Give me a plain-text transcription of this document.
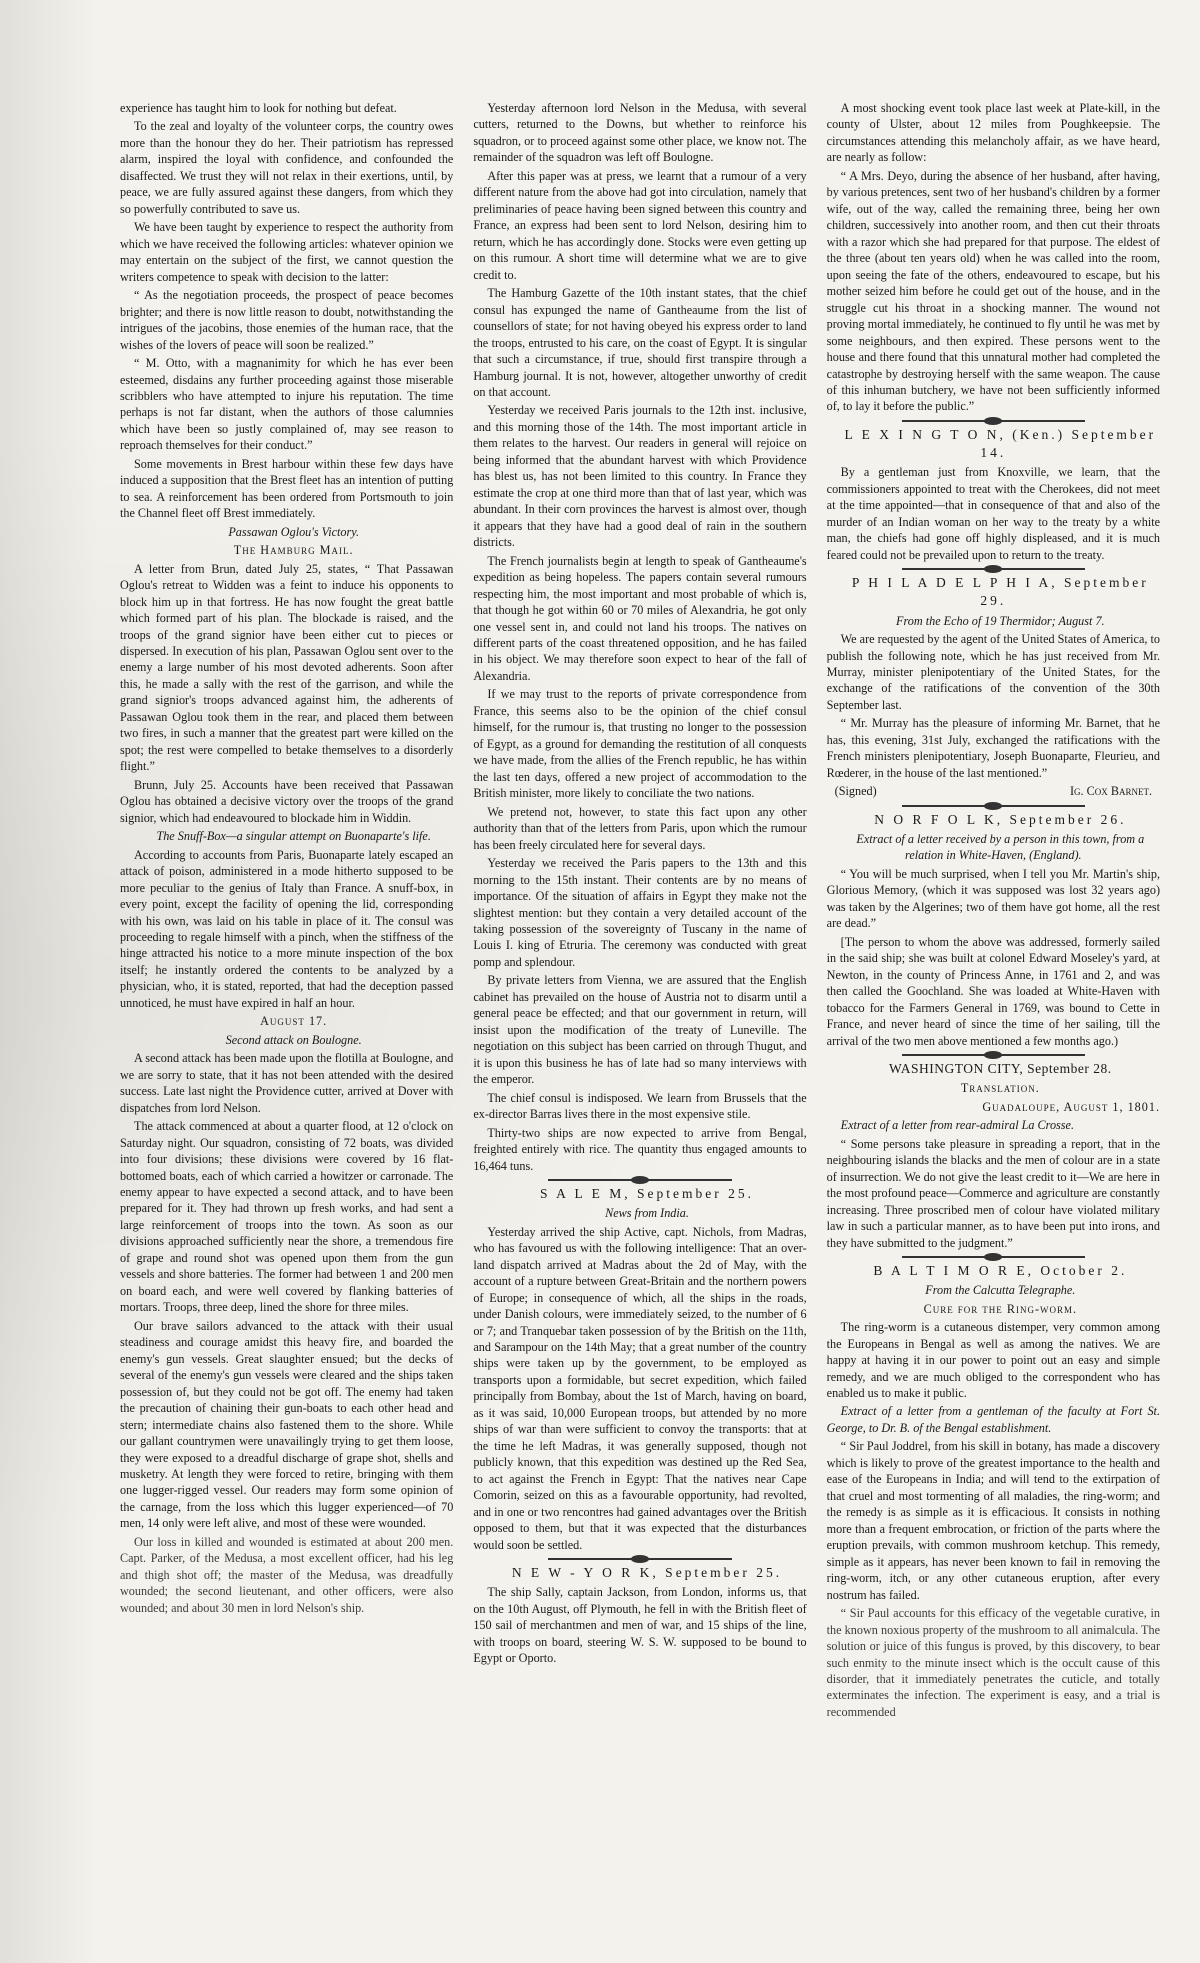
experience has taught him to look for nothing but defeat.

To the zeal and loyalty of the volunteer corps, the country owes more than the honour they do her. Their patriotism has repressed alarm, inspired the loyal with confidence, and confounded the disaffected. We trust they will not relax in their exertions, until, by peace, we are fully assured against these dangers, from which they so powerfully contributed to save us.

We have been taught by experience to respect the authority from which we have received the following articles: whatever opinion we may entertain on the subject of the first, we cannot question the writers competence to speak with decision to the latter:

“ As the negotiation proceeds, the prospect of peace becomes brighter; and there is now little reason to doubt, notwithstanding the intrigues of the jacobins, those enemies of the human race, that the wishes of the lovers of peace will soon be realized.”

“ M. Otto, with a magnanimity for which he has ever been esteemed, disdains any further proceeding against those miserable scribblers who have attempted to injure his reputation. The time perhaps is not far distant, when the authors of those calumnies which have been so justly complained of, may see reason to reproach themselves for their conduct.”

Some movements in Brest harbour within these few days have induced a supposition that the Brest fleet has an intention of putting to sea. A reinforcement has been ordered from Portsmouth to join the Channel fleet off Brest immediately.

Passawan Oglou's Victory.

The Hamburg Mail.

A letter from Brun, dated July 25, states, “ That Passawan Oglou's retreat to Widden was a feint to induce his opponents to block him up in that fortress. He has now fought the great battle which formed part of his plan. The blockade is raised, and the troops of the grand signior have been either cut to pieces or dispersed. In execution of his plan, Passawan Oglou sent over to the enemy a large number of his most devoted adherents. Soon after this, he made a sally with the rest of the garrison, and while the grand signior's troops advanced against him, the adherents of Passawan Oglou took them in the rear, and placed them between two fires, in such a manner that the greatest part were killed on the spot; the rest were compelled to betake themselves to a disorderly flight.”

Brunn, July 25. Accounts have been received that Passawan Oglou has obtained a decisive victory over the troops of the grand signior, which had endeavoured to blockade him in Widdin.

The Snuff-Box—a singular attempt on Buonaparte's life.

According to accounts from Paris, Buonaparte lately escaped an attack of poison, administered in a mode hitherto supposed to be more peculiar to the genius of Italy than France. A snuff-box, in every point, except the facility of opening the lid, corresponding with his own, was laid on his table in place of it. The consul was proceeding to regale himself with a pinch, when the stiffness of the hinge attracted his notice to a more minute inspection of the box itself; he instantly ordered the contents to be analyzed by a physician, who, it is stated, reported, that had the deception passed unnoticed, he must have expired in half an hour.

August 17.

Second attack on Boulogne.

A second attack has been made upon the flotilla at Boulogne, and we are sorry to state, that it has not been attended with the desired success. Late last night the Providence cutter, arrived at Dover with dispatches from lord Nelson.

The attack commenced at about a quarter flood, at 12 o'clock on Saturday night. Our squadron, consisting of 72 boats, was divided into four divisions; these divisions were covered by 16 flat-bottomed boats, each of which carried a howitzer or carronade. The enemy appear to have expected a second attack, and to have been prepared for it. They had thrown up fresh works, and had sent a large reinforcement of troops into the town. As soon as our divisions approached sufficiently near the shore, a tremendous fire of grape and round shot was opened upon them from the gun vessels and shore batteries. The former had between 1 and 200 men on board each, and were well covered by flanking batteries of mortars. Troops, three deep, lined the shore for three miles.

Our brave sailors advanced to the attack with their usual steadiness and courage amidst this heavy fire, and boarded the enemy's gun vessels. Great slaughter ensued; but the decks of several of the enemy's gun vessels were cleared and the ships taken possession of, but they could not be got off. The enemy had taken the precaution of chaining their gun-boats to each other head and stern; intermediate chains also fastened them to the shore. While our gallant countrymen were unavailingly trying to get them loose, they were exposed to a dreadful discharge of grape shot, shells and musketry. At length they were forced to retire, bringing with them one lugger-rigged vessel. Our readers may form some opinion of the carnage, from the loss which this lugger experienced—of 70 men, 14 only were left alive, and most of these were wounded.

Our loss in killed and wounded is estimated at about 200 men. Capt. Parker, of the Medusa, a most excellent officer, had his leg and thigh shot off; the master of the Medusa, was dreadfully wounded; the second lieutenant, and other officers, were also wounded; and about 30 men in lord Nelson's ship.

Yesterday afternoon lord Nelson in the Medusa, with several cutters, returned to the Downs, but whether to reinforce his squadron, or to proceed against some other place, we know not. The remainder of the squadron was left off Boulogne.

After this paper was at press, we learnt that a rumour of a very different nature from the above had got into circulation, namely that preliminaries of peace having been signed between this country and France, an express had been sent to lord Nelson, desiring him to return, which he has accordingly done. Stocks were even getting up on this rumour. A short time will determine what we are to give credit to.

The Hamburg Gazette of the 10th instant states, that the chief consul has expunged the name of Gantheaume from the list of counsellors of state; for not having obeyed his express order to land the troops, entrusted to his care, on the coast of Egypt. It is singular that such a circumstance, if true, should first transpire through a Hamburg journal. It is not, however, altogether unworthy of credit on that account.

Yesterday we received Paris journals to the 12th inst. inclusive, and this morning those of the 14th. The most important article in them relates to the harvest. Our readers in general will rejoice on being informed that the abundant harvest with which Providence has blest us, has not been limited to this country. In France they estimate the crop at one third more than that of last year, which was abundant. In their corn provinces the harvest is almost over, though it appears that they have had a good deal of rain in the southern districts.

The French journalists begin at length to speak of Gantheaume's expedition as being hopeless. The papers contain several rumours respecting him, the most important and most probable of which is, that though he got within 60 or 70 miles of Alexandria, he got only one vessel sent in, and could not land his troops. The natives on different parts of the coast threatened opposition, and he has failed in his object. We may therefore soon expect to hear of the fall of Alexandria.

If we may trust to the reports of private correspondence from France, this seems also to be the opinion of the chief consul himself, for the rumour is, that trusting no longer to the possession of Egypt, as a ground for demanding the restitution of all conquests we have made, from the allies of the French republic, he has within the last ten days, offered a new project of accommodation to the British minister, more likely to conciliate the two nations.

We pretend not, however, to state this fact upon any other authority than that of the letters from Paris, upon which the rumour has been freely circulated here for several days.

Yesterday we received the Paris papers to the 13th and this morning to the 15th instant. Their contents are by no means of importance. Of the situation of affairs in Egypt they make not the slightest mention: but they contain a very detailed account of the taking possession of the sovereignty of Tuscany in the name of Louis I. king of Etruria. The ceremony was conducted with great pomp and splendour.

By private letters from Vienna, we are assured that the English cabinet has prevailed on the house of Austria not to disarm until a general peace be effected; and that our government in return, will insist upon the modification of the treaty of Luneville. The negotiation on this subject has been carried on through Thugut, and it is upon this business he has of late had so many interviews with the emperor.

The chief consul is indisposed. We learn from Brussels that the ex-director Barras lives there in the most expensive stile.

Thirty-two ships are now expected to arrive from Bengal, freighted entirely with rice. The quantity thus engaged amounts to 16,464 tuns.

S A L E M, September 25.

News from India.

Yesterday arrived the ship Active, capt. Nichols, from Madras, who has favoured us with the following intelligence: That an over-land dispatch arrived at Madras about the 2d of May, with the account of a rupture between Great-Britain and the northern powers of Europe; in consequence of which, all the ships in the roads, under Danish colours, were immediately seized, to the number of 6 or 7; and Tranquebar taken possession of by the British on the 11th, and Sarampour on the 14th May; that a great number of the country ships were taken up by the government, to be employed as transports upon a formidable, but secret expedition, which failed principally from Bombay, about the 1st of March, having on board, as it was said, 10,000 European troops, but attended by no more ships of war than were sufficient to convoy the transports: that at the time he left Madras, it was generally supposed, though not publicly known, that this expedition was destined up the Red Sea, to act against the French in Egypt: That the natives near Cape Comorin, seized on this as a favourable opportunity, had revolted, and in one or two rencontres had gained advantages over the British opposed to them, but that it was expected that the disturbances would soon be settled.

N E W - Y O R K, September 25.

The ship Sally, captain Jackson, from London, informs us, that on the 10th August, off Plymouth, he fell in with the British fleet of 150 sail of merchantmen and men of war, and 15 ships of the line, with troops on board, steering W. S. W. supposed to be bound to Egypt or Oporto.

A most shocking event took place last week at Plate-kill, in the county of Ulster, about 12 miles from Poughkeepsie. The circumstances attending this melancholy affair, as we have heard, are nearly as follow:

“ A Mrs. Deyo, during the absence of her husband, after having, by various pretences, sent two of her husband's children by a former wife, out of the way, called the remaining three, being her own children, successively into another room, and then cut their throats with a razor which she had prepared for that purpose. The eldest of the three (about ten years old) when he was called into the room, upon seeing the fate of the others, endeavoured to escape, but his mother seized him before he could get out of the house, and in the struggle cut his throat in a shocking manner. The wound not proving mortal immediately, he continued to fly until he was met by some neighbours, and then expired. These persons went to the house and there found that this unnatural mother had completed the catastrophe by destroying herself with the same weapon. The cause of this inhuman butchery, we have not been sufficiently informed of, to lay it before the public.”

L E X I N G T O N, (Ken.) September 14.

By a gentleman just from Knoxville, we learn, that the commissioners appointed to treat with the Cherokees, did not meet at the time appointed—that in consequence of that and also of the murder of an Indian woman on her way to the treaty by a white man, the chiefs had gone off highly displeased, and it is much feared could not be prevailed upon to return to the treaty.

P H I L A D E L P H I A, September 29.

From the Echo of 19 Thermidor; August 7.

We are requested by the agent of the United States of America, to publish the following note, which he has just received from Mr. Murray, minister plenipotentiary of the United States, for the exchange of the ratifications of the convention of the 30th September last.

“ Mr. Murray has the pleasure of informing Mr. Barnet, that he has, this evening, 31st July, exchanged the ratifications with the French ministers plenipotentiary, Joseph Buonaparte, Fleurieu, and Rœderer, in the house of the last mentioned.”

(Signed)	Ig. Cox Barnet.

N O R F O L K, September 26.

Extract of a letter received by a person in this town, from a relation in White-Haven, (England).

“ You will be much surprised, when I tell you Mr. Martin's ship, Glorious Memory, (which it was supposed was lost 32 years ago) was taken by the Algerines; two of them have got home, all the rest are dead.”

[The person to whom the above was addressed, formerly sailed in the said ship; she was built at colonel Edward Moseley's yard, at Newton, in the county of Princess Anne, in 1761 and 2, and was then called the Goochland. She was loaded at White-Haven with tobacco for the Farmers General in 1769, was bound to Cette in France, and never heard of since the time of her sailing, till the arrival of the two men above mentioned a few months ago.)

WASHINGTON CITY, September 28.

Translation.

Guadaloupe, August 1, 1801.

Extract of a letter from rear-admiral La Crosse.

“ Some persons take pleasure in spreading a report, that in the neighbouring islands the blacks and the men of colour are in a state of insurrection. We do not give the least credit to it—We are here in the most profound peace—Commerce and agriculture are constantly increasing. Three proscribed men of colour have violated military law in such a particular manner, as to have been put into irons, and they have submitted to the judgment.”

B A L T I M O R E, October 2.

From the Calcutta Telegraphe.

Cure for the Ring-worm.

The ring-worm is a cutaneous distemper, very common among the Europeans in Bengal as well as among the natives. We are happy at having it in our power to point out an easy and simple remedy, and we are much obliged to the correspondent who has enabled us to make it public.

Extract of a letter from a gentleman of the faculty at Fort St. George, to Dr. B. of the Bengal establishment.

“ Sir Paul Joddrel, from his skill in botany, has made a discovery which is likely to prove of the greatest importance to the health and ease of the Europeans in India; and will tend to the extirpation of that cruel and most tormenting of all maladies, the ring-worm; and the remedy is as simple as it is efficacious. It consists in nothing more than a frequent embrocation, or friction of the parts where the eruption prevails, with common mushroom ketchup. This remedy, simple as it appears, has never been known to fail in removing the ring-worm, itch, or any other cutaneous eruption, after every nostrum has failed.

“ Sir Paul accounts for this efficacy of the vegetable curative, in the known noxious property of the mushroom to all animalcula. The solution or juice of this fungus is proved, by this discovery, to bear such enmity to the minute insect which is the occult cause of this disorder, that it immediately penetrates the cuticle, and totally exterminates the infection. The experiment is easy, and a trial is recommended
